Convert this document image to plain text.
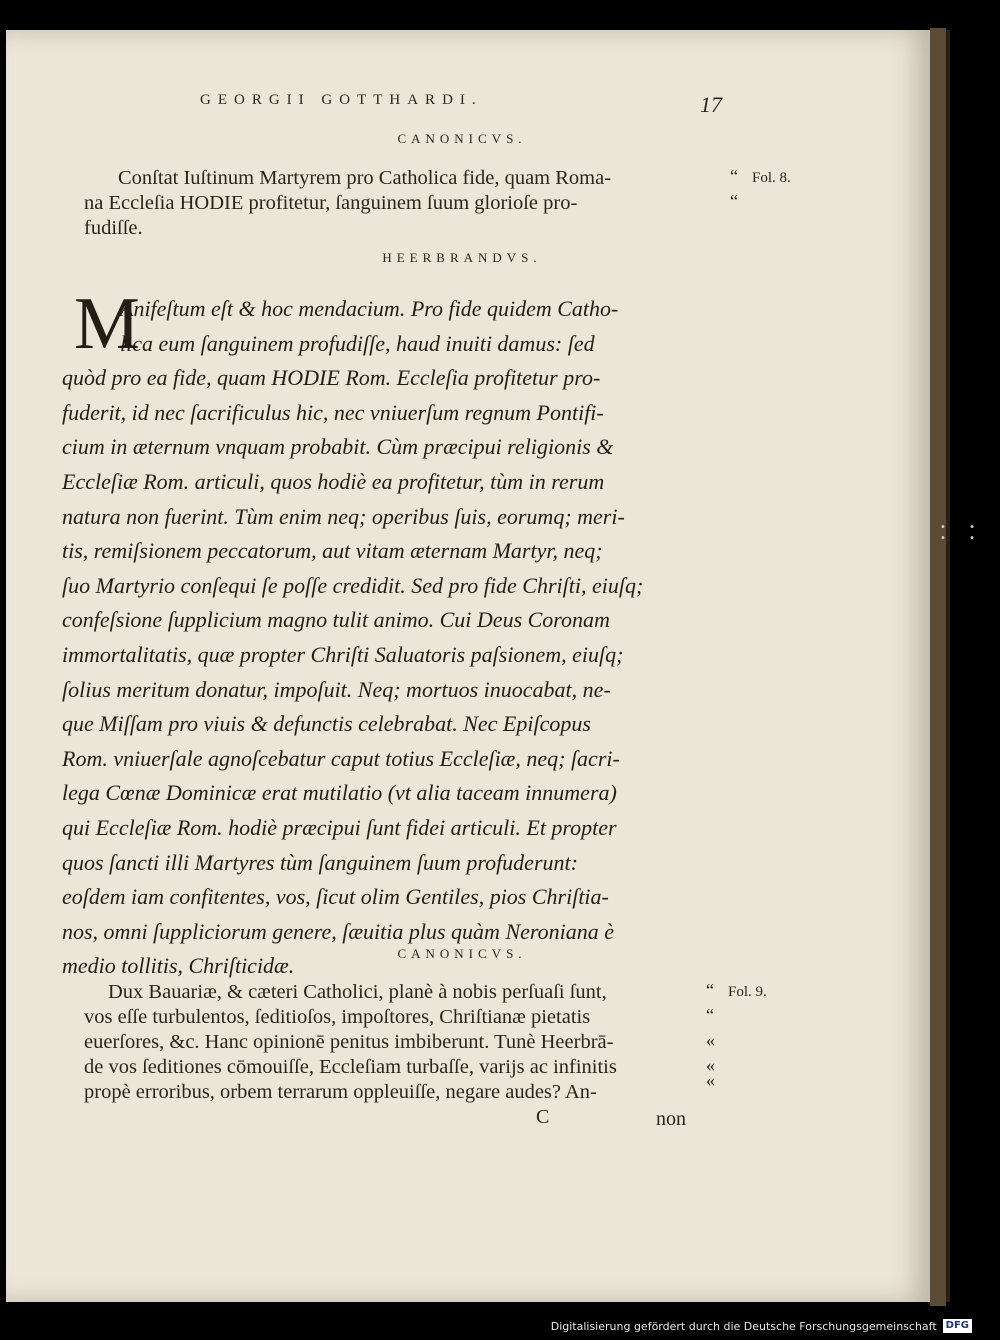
GEORGII GOTTHARDI.	17
CANONICVS.
Conſtat Iuſtinum Martyrem pro Catholica fide, quam Roma-
na Eccleſia HODIE profitetur, ſanguinem ſuum glorioſe pro-
fudiſſe.
“
“
Fol. 8.
HEERBRANDVS.
M
Anifeſtum eſt & hoc mendacium. Pro fide quidem Catho-
lica eum ſanguinem profudiſſe, haud inuiti damus: ſed
quòd pro ea fide, quam HODIE Rom. Eccleſia profitetur pro-
fuderit, id nec ſacrificulus hic, nec vniuerſum regnum Pontifi-
cium in æternum vnquam probabit. Cùm præcipui religionis &
Eccleſiæ Rom. articuli, quos hodiè ea profitetur, tùm in rerum
natura non fuerint. Tùm enim neq; operibus ſuis, eorumq; meri-
tis, remiſsionem peccatorum, aut vitam æternam Martyr, neq;
ſuo Martyrio conſequi ſe poſſe credidit. Sed pro fide Chriſti, eiuſq;
confeſsione ſupplicium magno tulit animo. Cui Deus Coronam
immortalitatis, quæ propter Chriſti Saluatoris paſsionem, eiuſq;
ſolius meritum donatur, impoſuit. Neq; mortuos inuocabat, ne-
que Miſſam pro viuis & defunctis celebrabat. Nec Epiſcopus
Rom. vniuerſale agnoſcebatur caput totius Eccleſiæ, neq; ſacri-
lega Cœnæ Dominicæ erat mutilatio (vt alia taceam innumera)
qui Eccleſiæ Rom. hodiè præcipui ſunt fidei articuli. Et propter
quos ſancti illi Martyres tùm ſanguinem ſuum profuderunt:
eoſdem iam confitentes, vos, ſicut olim Gentiles, pios Chriſtia-
nos, omni ſuppliciorum genere, ſæuitia plus quàm Neroniana è
medio tollitis, Chriſticidæ.	CANONICVS.
Dux Bauariæ, & cæteri Catholici, planè à nobis perſuaſi ſunt,
vos eſſe turbulentos, ſeditioſos, impoſtores, Chriſtianæ pietatis
euerſores, &c. Hanc opinionē penitus imbiberunt. Tunè Heerbrā-
de vos ſeditiones cōmouiſſe, Eccleſiam turbaſſe, varijs ac infinitis
propè erroribus, orbem terrarum oppleuiſſe, negare audes? An-
“
“
«
«
«
Fol. 9.
C	non
• • • •
Digitalisierung gefördert durch die Deutsche Forschungsgemeinschaft DFG
